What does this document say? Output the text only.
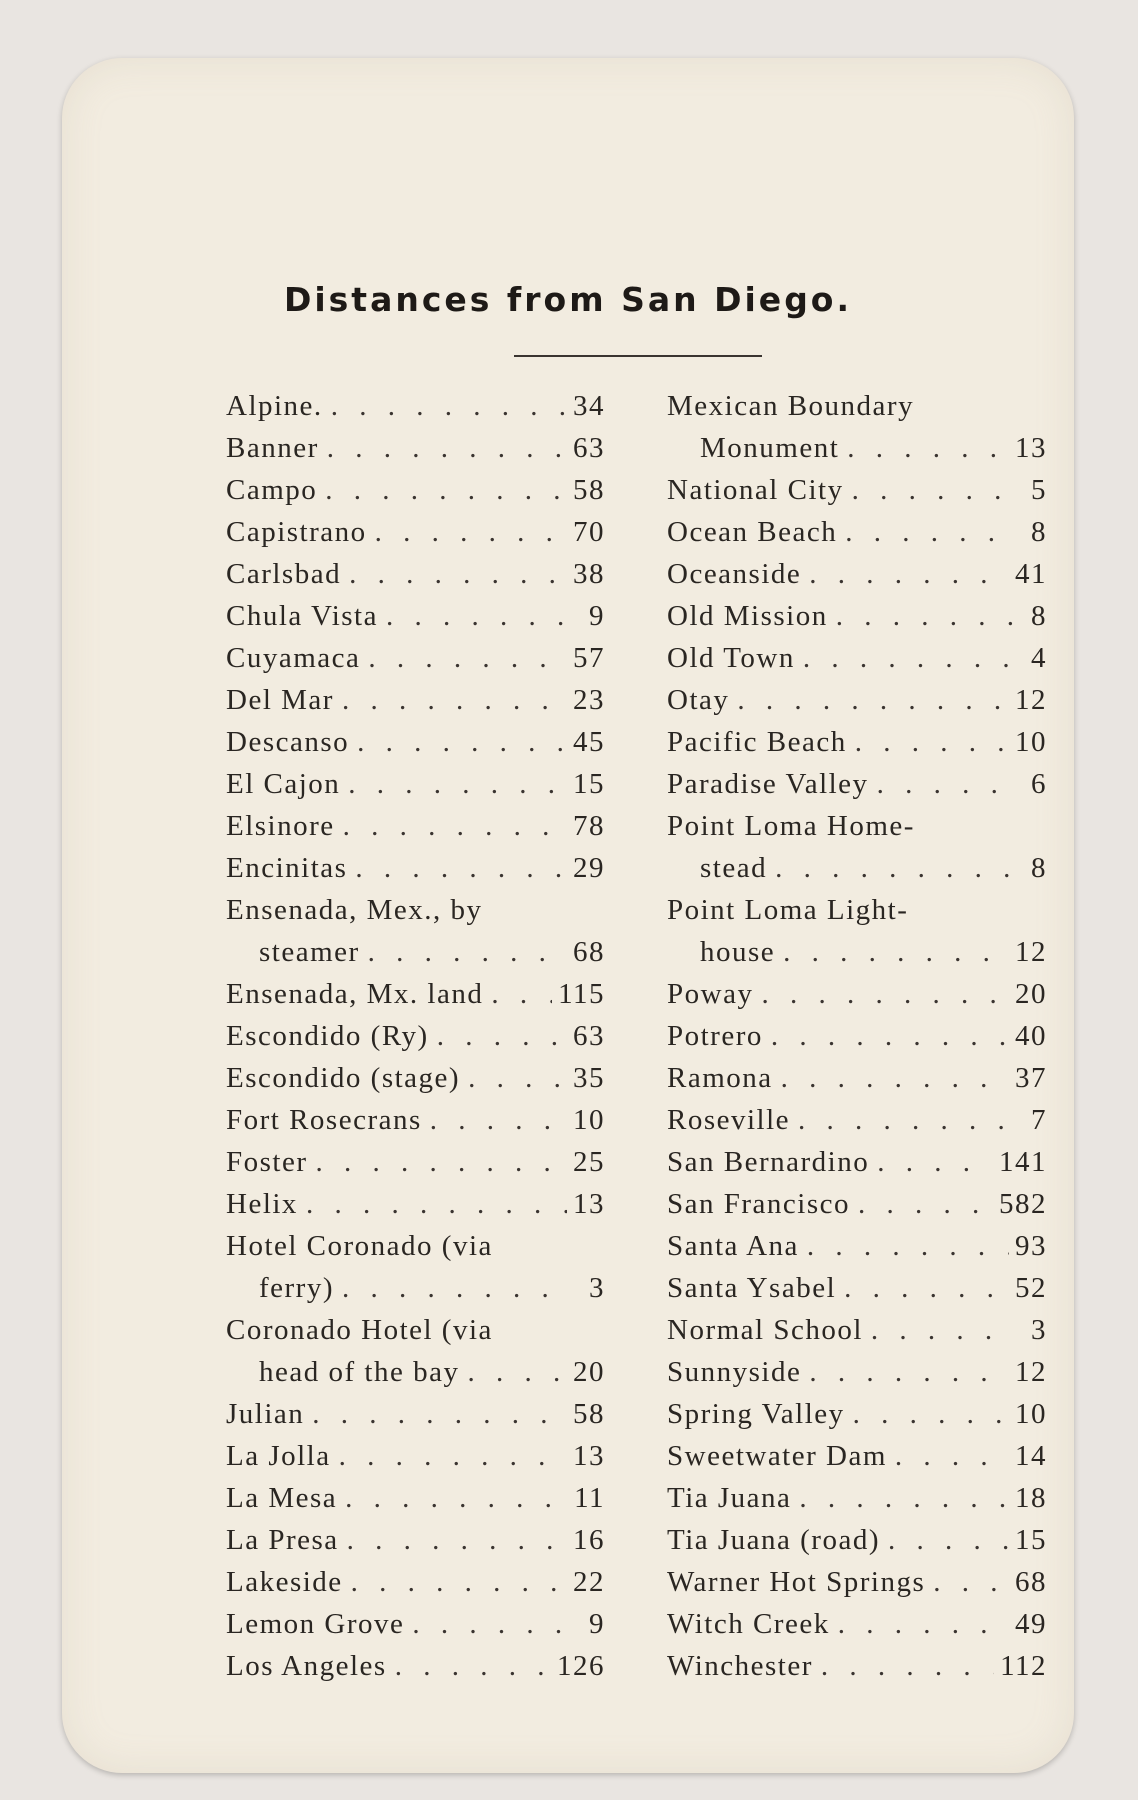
Distances from San Diego.
Alpine. . . .	34
Banner . . .	63
Campo . . .	58
Capistrano . . .	70
Carlsbad . . .	38
Chula Vista . . .	9
Cuyamaca . . .	57
Del Mar . . .	23
Descanso . . .	45
El Cajon . . .	15
Elsinore . . .	78
Encinitas . . .	29
Ensenada, Mex., by
steamer . . .	68
Ensenada, Mx. land . . .	115
Escondido (Ry) . . .	63
Escondido (stage) . . .	35
Fort Rosecrans . . .	10
Foster . . .	25
Helix . . .	13
Hotel Coronado (via
ferry) . . .	3
Coronado Hotel (via
head of the bay . . .	20
Julian . . .	58
La Jolla . . .	13
La Mesa . . .	11
La Presa . . .	16
Lakeside . . .	22
Lemon Grove . . .	9
Los Angeles . . .	126
Mexican Boundary
Monument . . .	13
National City . . .	5
Ocean Beach . . .	8
Oceanside . . .	41
Old Mission . . .	8
Old Town . . .	4
Otay . . .	12
Pacific Beach . . .	10
Paradise Valley . . .	6
Point Loma Home-
stead . . .	8
Point Loma Light-
house . . .	12
Poway . . .	20
Potrero . . .	40
Ramona . . .	37
Roseville . . .	7
San Bernardino . . .	141
San Francisco . . .	582
Santa Ana . . .	93
Santa Ysabel . . .	52
Normal School . . .	3
Sunnyside . . .	12
Spring Valley . . .	10
Sweetwater Dam . . .	14
Tia Juana . . .	18
Tia Juana (road) . . .	15
Warner Hot Springs . . .	68
Witch Creek . . .	49
Winchester . . .	112
